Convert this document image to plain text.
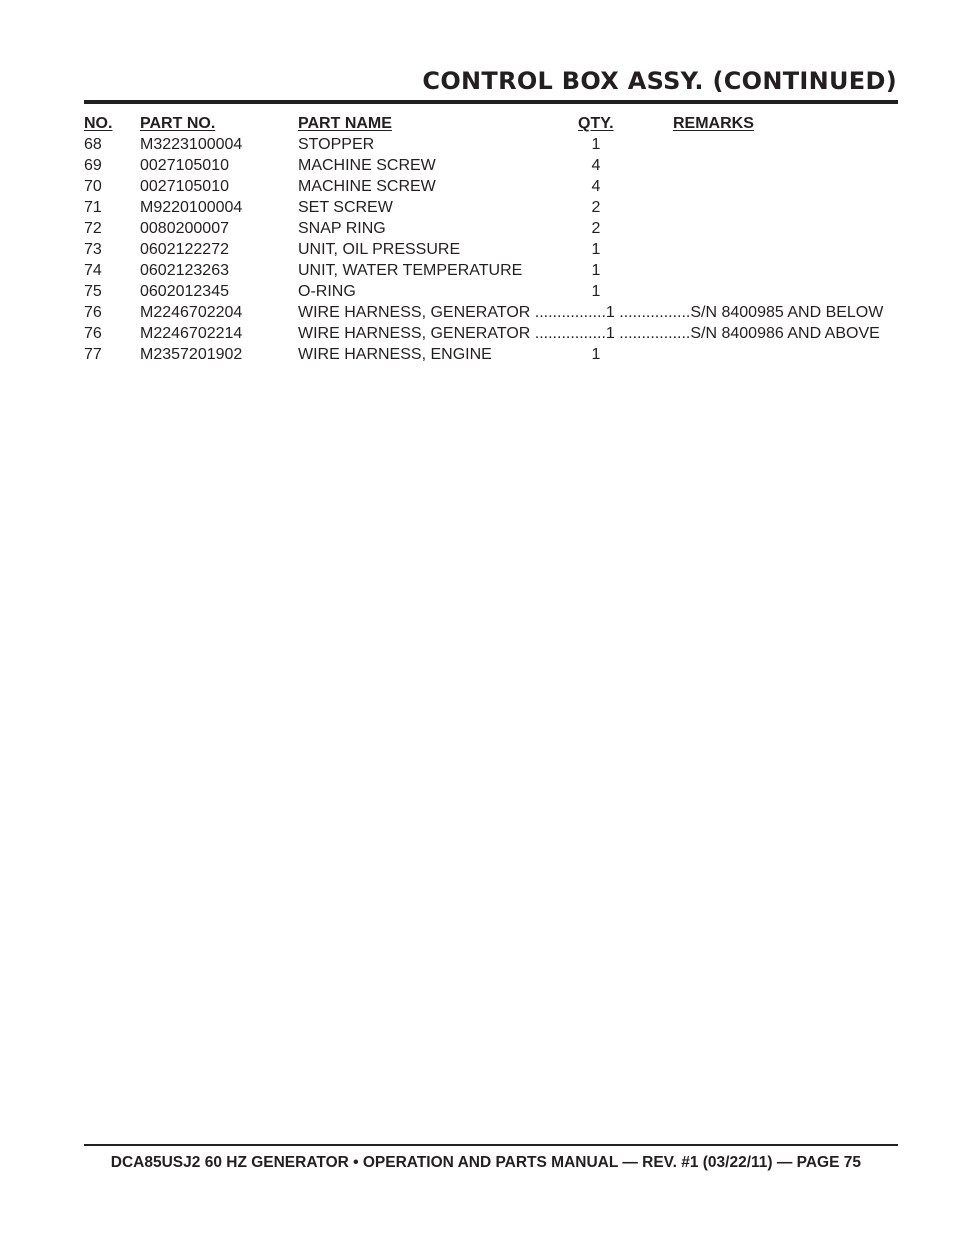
CONTROL BOX ASSY. (CONTINUED)
NO. PART NO.	PART NAME	QTY.	REMARKS
68 M3223100004	STOPPER	1
69 0027105010	MACHINE SCREW	4
70 0027105010	MACHINE SCREW	4
71 M9220100004	SET SCREW	2
72 0080200007	SNAP RING	2
73 0602122272	UNIT, OIL PRESSURE	1
74 0602123263	UNIT, WATER TEMPERATURE	1
75 0602012345	O-RING	1
76 M2246702204	WIRE HARNESS, GENERATOR ................1 ................S/N 8400985 AND BELOW
76 M2246702214	WIRE HARNESS, GENERATOR ................1 ................S/N 8400986 AND ABOVE
77 M2357201902	WIRE HARNESS, ENGINE	1
DCA85USJ2 60 HZ GENERATOR • OPERATION AND PARTS MANUAL — REV. #1 (03/22/11) — PAGE 75
